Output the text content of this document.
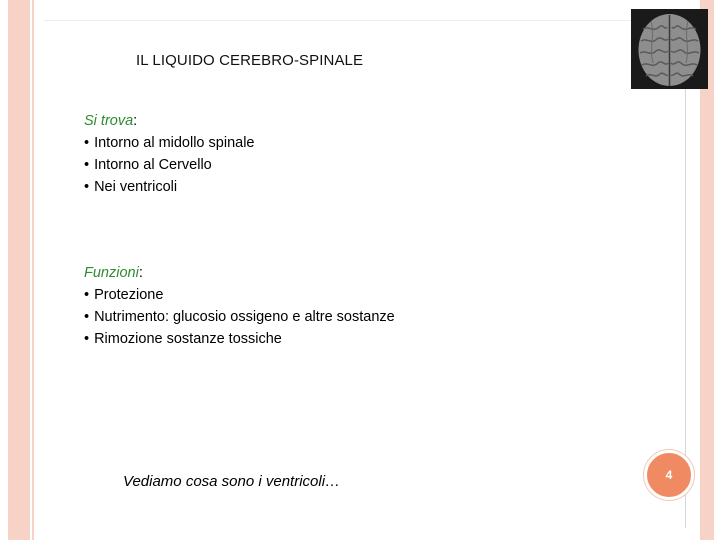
IL LIQUIDO CEREBRO-SPINALE
Si trova:
• Intorno al midollo spinale
• Intorno al Cervello
• Nei ventricoli
Funzioni:
• Protezione
• Nutrimento: glucosio ossigeno e altre sostanze
• Rimozione sostanze tossiche
Vediamo cosa sono i ventricoli…	4
